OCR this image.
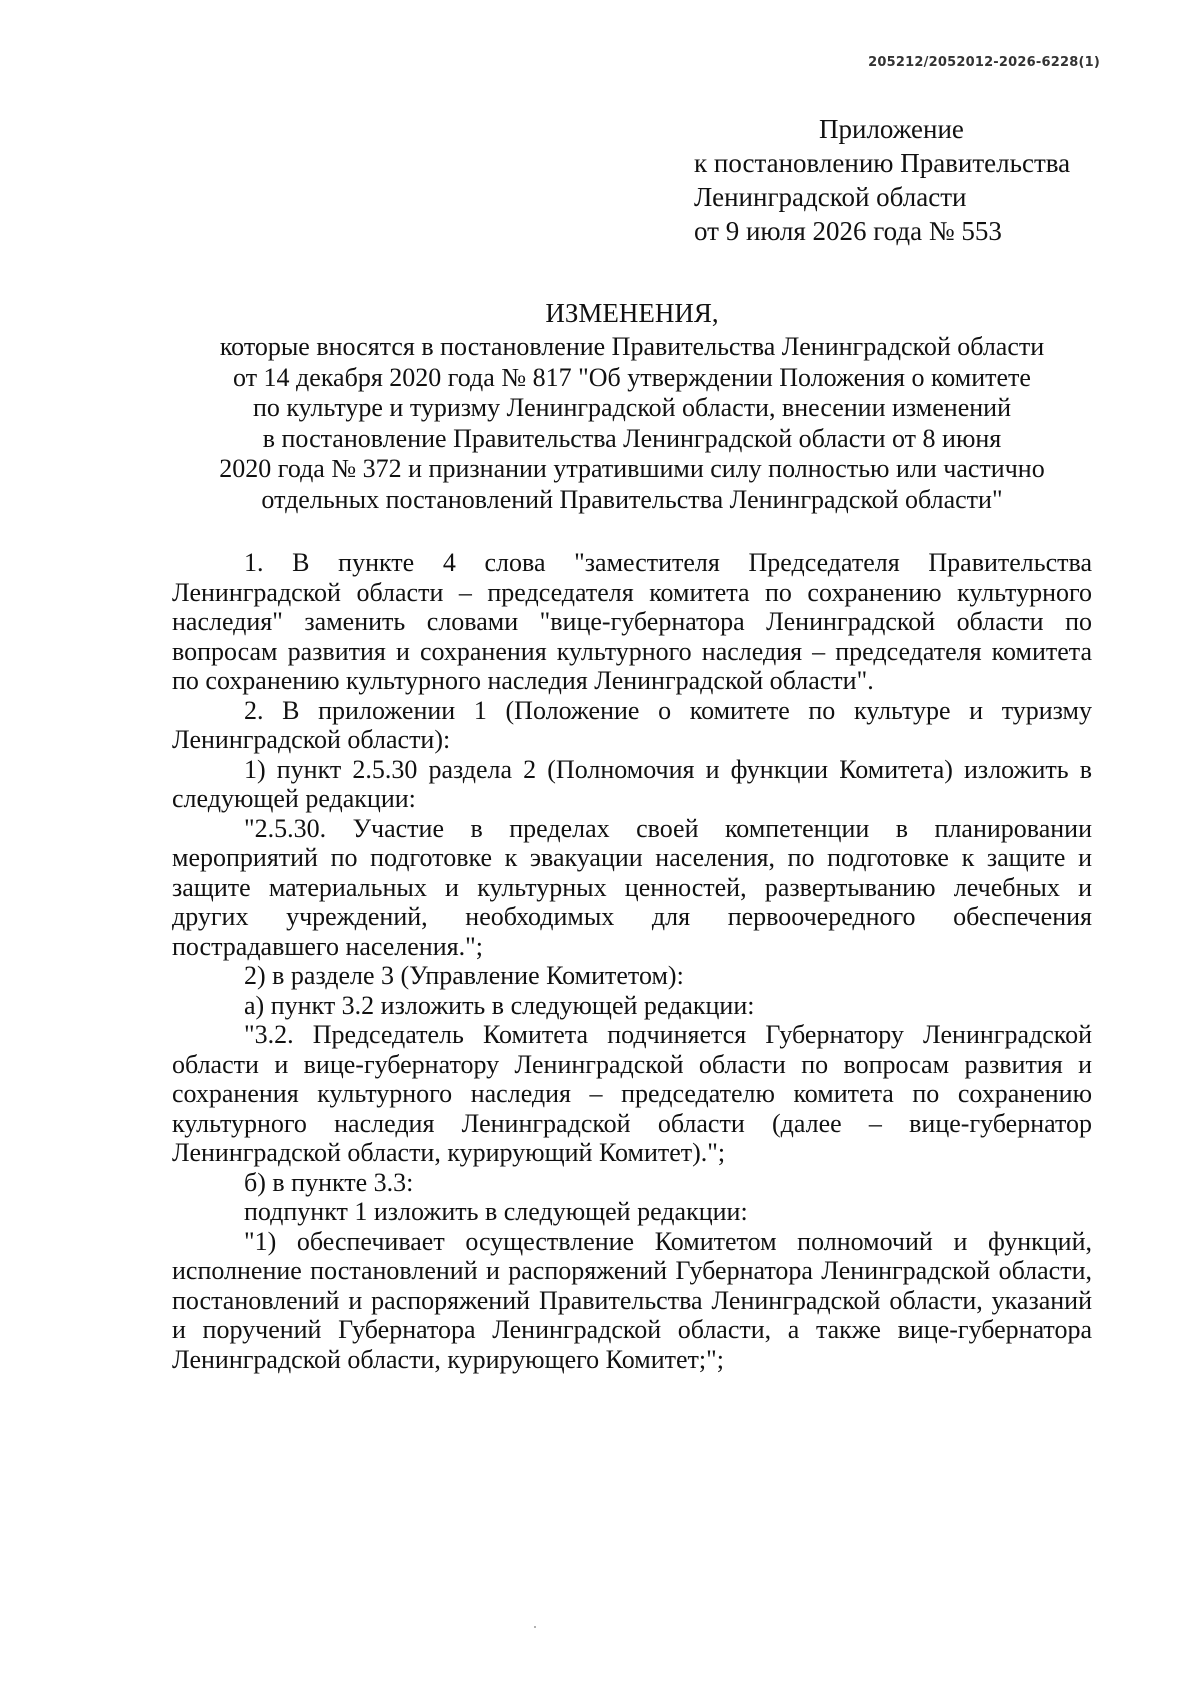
205212/2052012-2026-6228(1)
Приложение
к постановлению Правительства
Ленинградской области
от 9 июля 2026 года № 553
ИЗМЕНЕНИЯ,
которые вносятся в постановление Правительства Ленинградской области
от 14 декабря 2020 года № 817 "Об утверждении Положения о комитете
по культуре и туризму Ленинградской области, внесении изменений
в постановление Правительства Ленинградской области от 8 июня
2020 года № 372 и признании утратившими силу полностью или частично
отдельных постановлений Правительства Ленинградской области"

1. В пункте 4 слова "заместителя Председателя Правительства Ленинградской области – председателя комитета по сохранению культурного наследия" заменить словами "вице-губернатора Ленинградской области по вопросам развития и сохранения культурного наследия – председателя комитета по сохранению культурного наследия Ленинградской области".

2. В приложении 1 (Положение о комитете по культуре и туризму Ленинградской области):

1) пункт 2.5.30 раздела 2 (Полномочия и функции Комитета) изложить в следующей редакции:

"2.5.30. Участие в пределах своей компетенции в планировании мероприятий по подготовке к эвакуации населения, по подготовке к защите и защите материальных и культурных ценностей, развертыванию лечебных и других учреждений, необходимых для первоочередного обеспечения пострадавшего населения.";

2) в разделе 3 (Управление Комитетом):

а) пункт 3.2 изложить в следующей редакции:

"3.2. Председатель Комитета подчиняется Губернатору Ленинградской области и вице-губернатору Ленинградской области по вопросам развития и сохранения культурного наследия – председателю комитета по сохранению культурного наследия Ленинградской области (далее – вице-губернатор Ленинградской области, курирующий Комитет).";

б) в пункте 3.3:

подпункт 1 изложить в следующей редакции:

"1) обеспечивает осуществление Комитетом полномочий и функций, исполнение постановлений и распоряжений Губернатора Ленинградской области, постановлений и распоряжений Правительства Ленинградской области, указаний и поручений Губернатора Ленинградской области, а также вице-губернатора Ленинградской области, курирующего Комитет;";
